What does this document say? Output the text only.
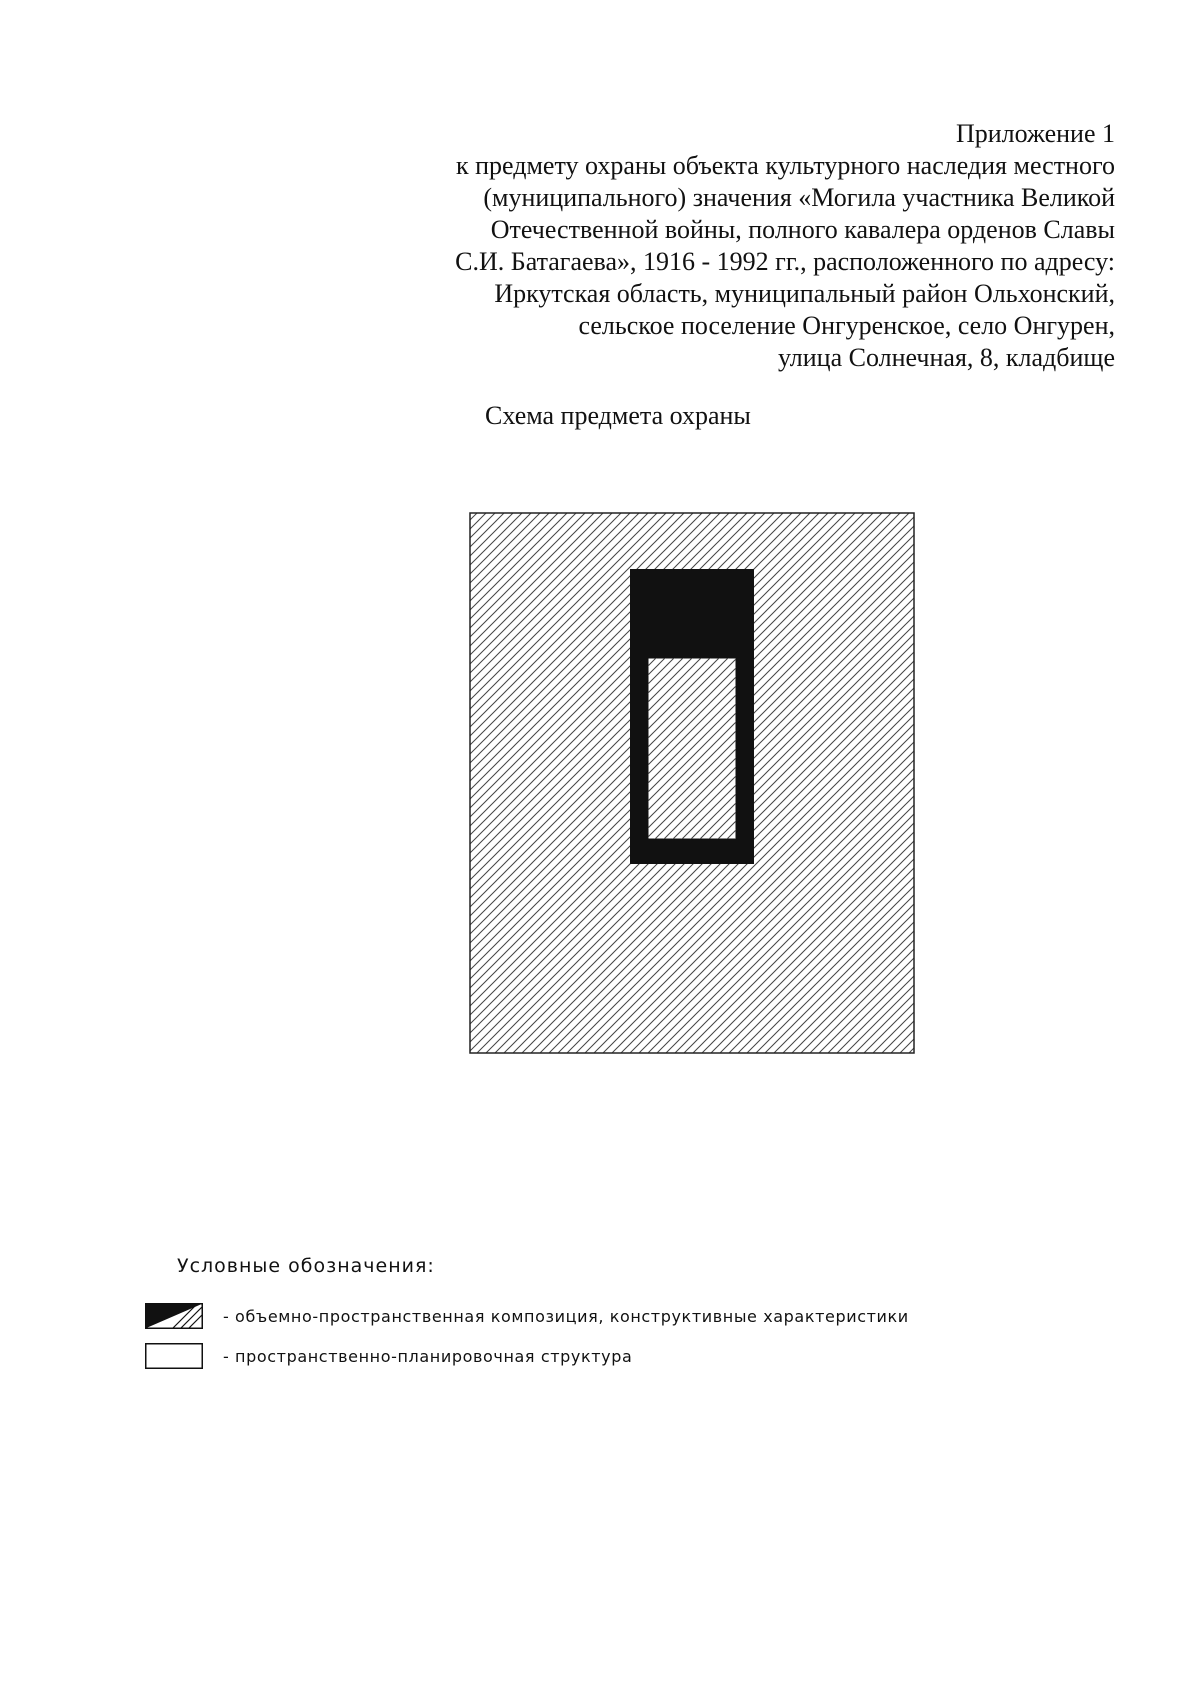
Приложение 1
к предмету охраны объекта культурного наследия местного
(муниципального) значения «Могила участника Великой
Отечественной войны, полного кавалера орденов Славы
С.И. Батагаева», 1916 - 1992 гг., расположенного по адресу:
Иркутская область, муниципальный район Ольхонский,
сельское поселение Онгуренское, село Онгурен,
улица Солнечная, 8, кладбище
Схема предмета охраны
Условные обозначения:
- объемно-пространственная композиция, конструктивные характеристики
- пространственно-планировочная структура
